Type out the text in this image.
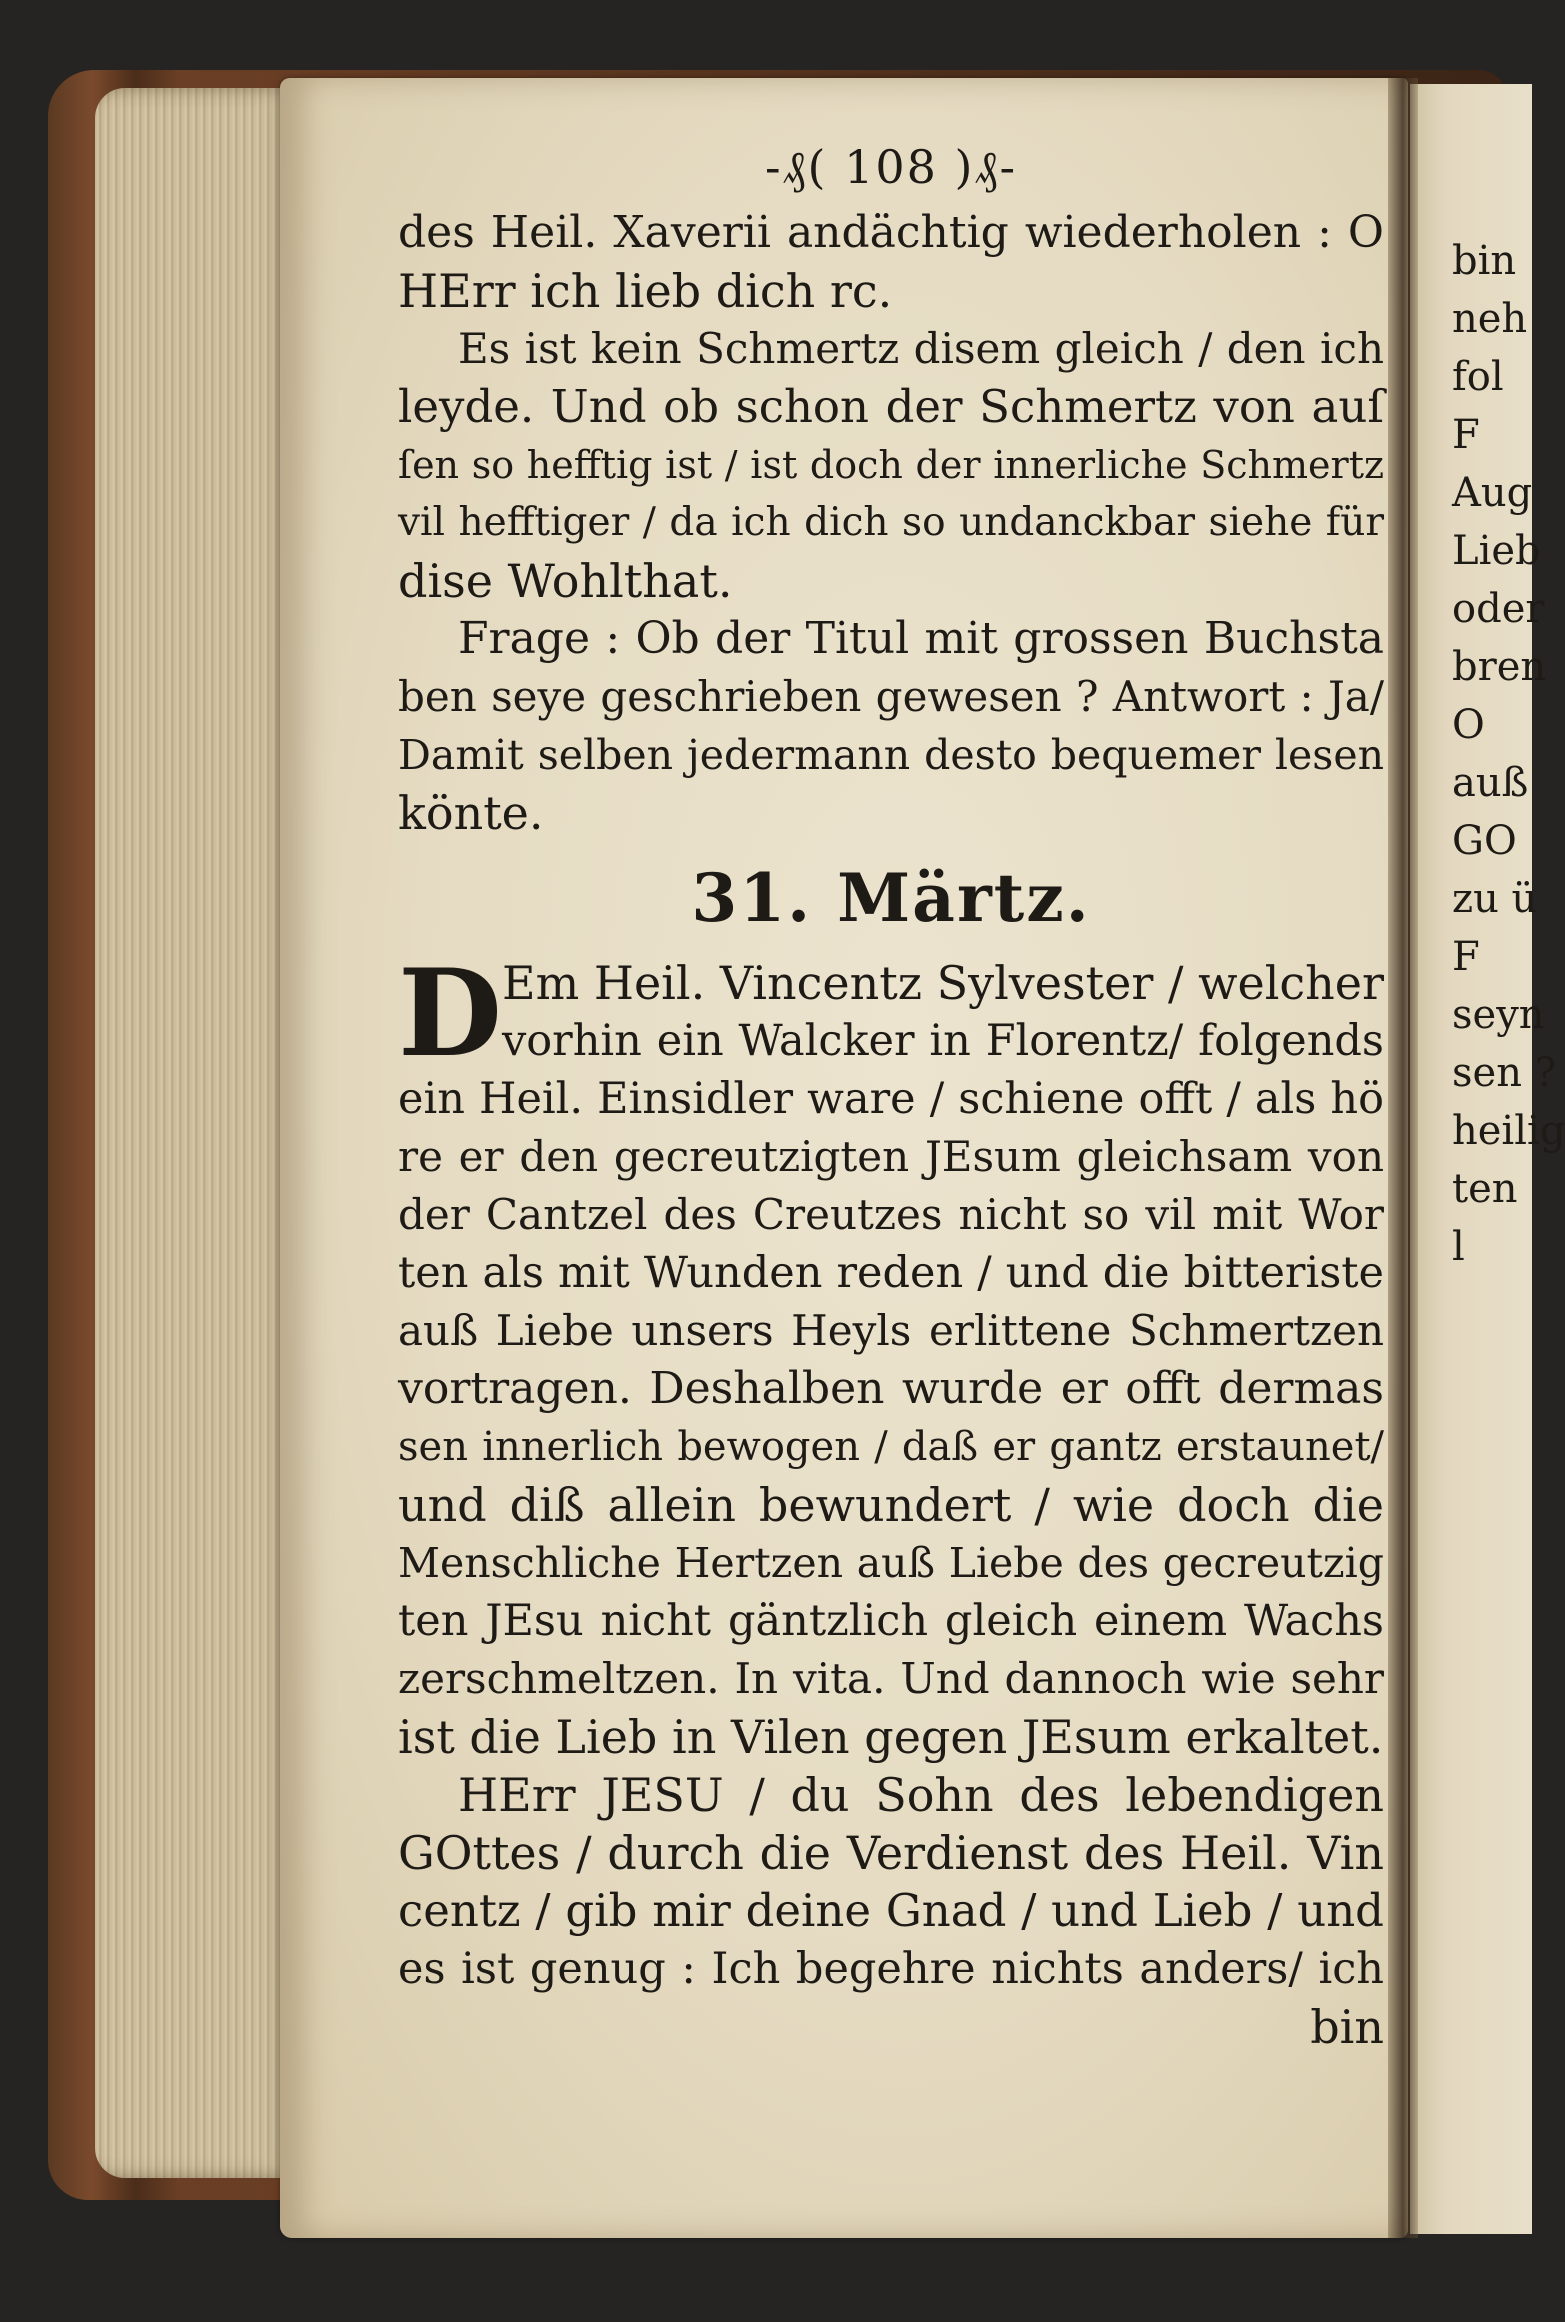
-₰( 108 )₰-
des Heil. Xaverii andächtig wiederholen : O
HErr ich lieb dich rc.
Es ist kein Schmertz disem gleich / den ich
leyde. Und ob schon der Schmertz von auſ
ſen so hefftig ist / ist doch der innerliche Schmertz
vil hefftiger / da ich dich so undanckbar siehe für
dise Wohlthat.
Frage : Ob der Titul mit grossen Buchsta
ben seye geschrieben gewesen ? Antwort : Ja/
Damit selben jedermann desto bequemer lesen
könte.
31. Märtz.
D Em Heil. Vincentz Sylvester / welcher
vorhin ein Walcker in Florentz/ folgends
ein Heil. Einsidler ware / schiene offt / als hö
re er den gecreutzigten JEsum gleichsam von
der Cantzel des Creutzes nicht so vil mit Wor
ten als mit Wunden reden / und die bitteriste
auß Liebe unsers Heyls erlittene Schmertzen
vortragen. Deshalben wurde er offt dermas
sen innerlich bewogen / daß er gantz erstaunet/
und diß allein bewundert / wie doch die
Menschliche Hertzen auß Liebe des gecreutzig
ten JEsu nicht gäntzlich gleich einem Wachs
zerschmeltzen. In vita. Und dannoch wie sehr
ist die Lieb in Vilen gegen JEsum erkaltet.
HErr JESU / du Sohn des lebendigen
GOttes / durch die Verdienst des Heil. Vin
centz / gib mir deine Gnad / und Lieb / und
es ist genug : Ich begehre nichts anders/ ich
bin
bin
neh
fol
F
Aug
Lieb
oder
bren
O
auß
GO
zu ü
F
seyn
sen ?
heilig
ten
l
